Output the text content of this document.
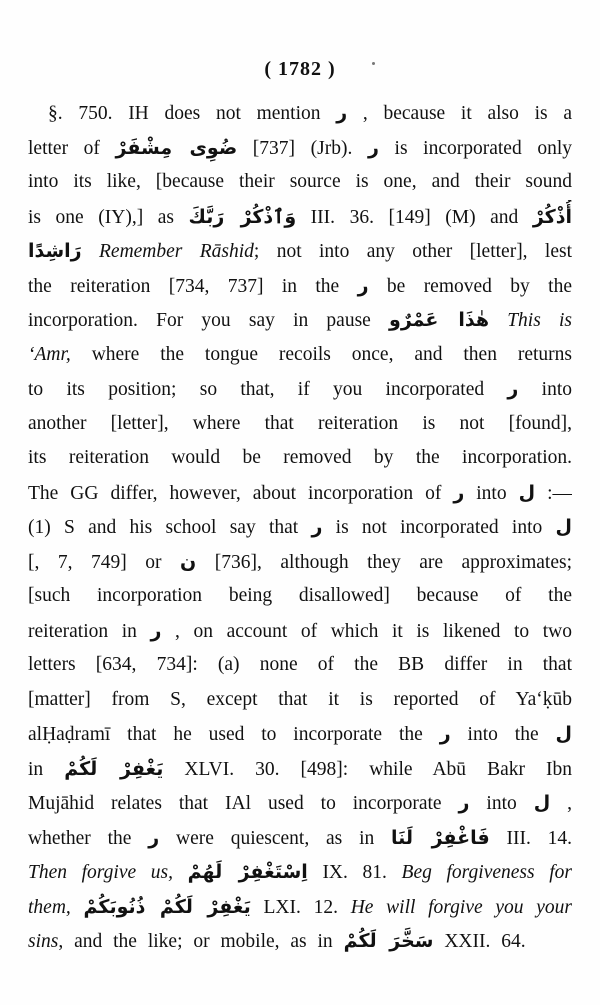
( 1782 )
§. 750. IH does not mention ر , because it also is a
letter of ضُوِى مِشْفَرْ [737] (Jrb). ر is incorporated only
into its like, [because their source is one, and their sound
is one (IY),] as وَٱذْكُرْ رَبَّكَ III. 36. [149] (M) and أُذْكُرْ
رَاشِدًا Remember Rāshid; not into any other [letter], lest
the reiteration [734, 737] in the ر be removed by the
incorporation. For you say in pause هٰذَا عَمْرٌو This is
‘Amr, where the tongue recoils once, and then returns
to its position; so that, if you incorporated ر into
another [letter], where that reiteration is not [found],
its reiteration would be removed by the incorporation.
The GG differ, however, about incorporation of ر into ل :—
(1) S and his school say that ر is not incorporated into ل
[, 7, 749] or ن [736], although they are approximates;
[such incorporation being disallowed] because of the
reiteration in ر , on account of which it is likened to two
letters [634, 734]: (a) none of the BB differ in that
[matter] from S, except that it is reported of Ya‘ḳūb
alḤaḍramī that he used to incorporate the ر into the ل
in يَغْفِرْ لَكُمْ XLVI. 30. [498]: while Abū Bakr Ibn
Mujāhid relates that IAl used to incorporate ر into ل ,
whether the ر were quiescent, as in فَاغْفِرْ لَنَا III. 14.
Then forgive us, اِسْتَغْفِرْ لَهُمْ IX. 81. Beg forgiveness for
them, يَغْفِرْ لَكُمْ ذُنُوبَكُمْ LXI. 12. He will forgive you your
sins, and the like; or mobile, as in سَخَّرَ لَكُمْ XXII. 64.
